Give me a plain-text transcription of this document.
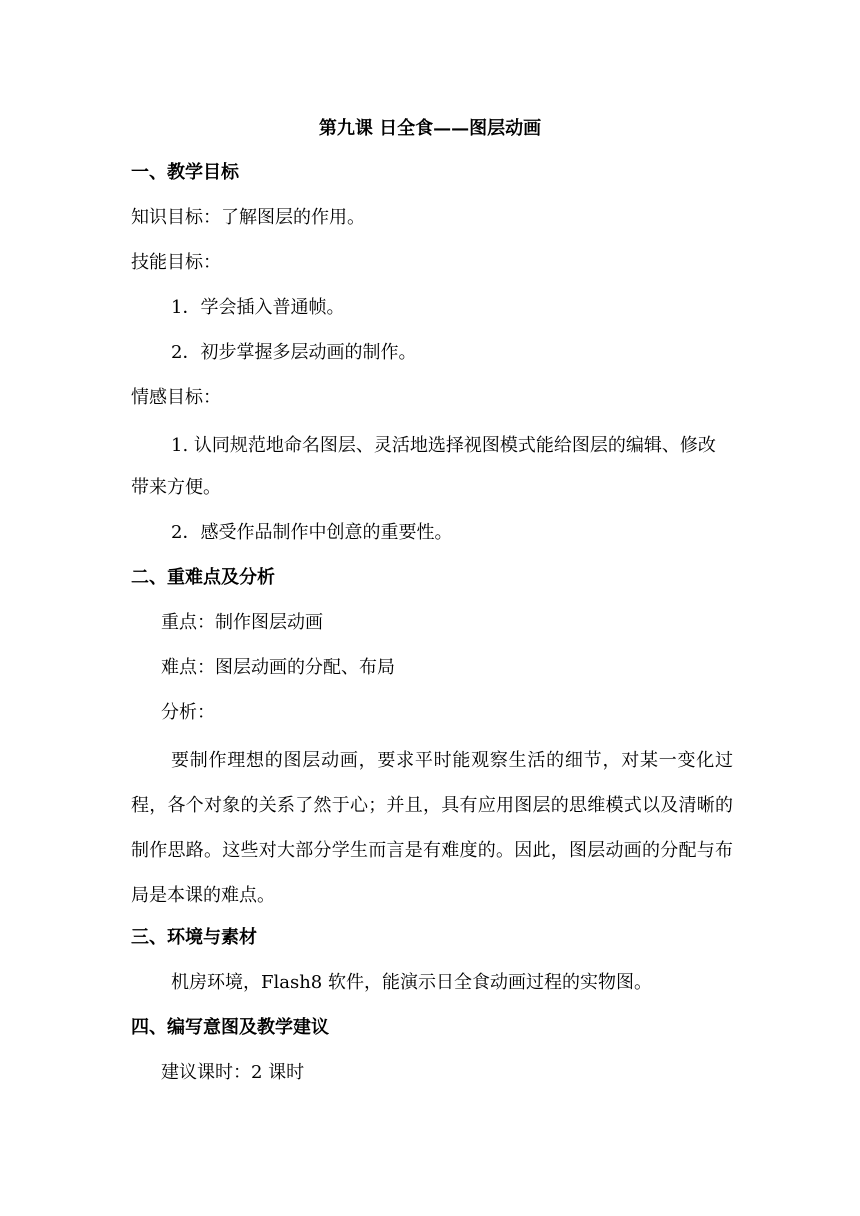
第九课 日全食——图层动画
一、教学目标
知识目标：了解图层的作用。
技能目标：
1．学会插入普通帧。
2．初步掌握多层动画的制作。
情感目标：
1. 认同规范地命名图层、灵活地选择视图模式能给图层的编辑、修改带来方便。
2．感受作品制作中创意的重要性。
二、重难点及分析
重点：制作图层动画
难点：图层动画的分配、布局
分析：
要制作理想的图层动画，要求平时能观察生活的细节，对某一变化过程，各个对象的关系了然于心；并且，具有应用图层的思维模式以及清晰的制作思路。这些对大部分学生而言是有难度的。因此，图层动画的分配与布局是本课的难点。
三、环境与素材
机房环境，Flash8 软件，能演示日全食动画过程的实物图。
四、编写意图及教学建议
建议课时：2 课时
